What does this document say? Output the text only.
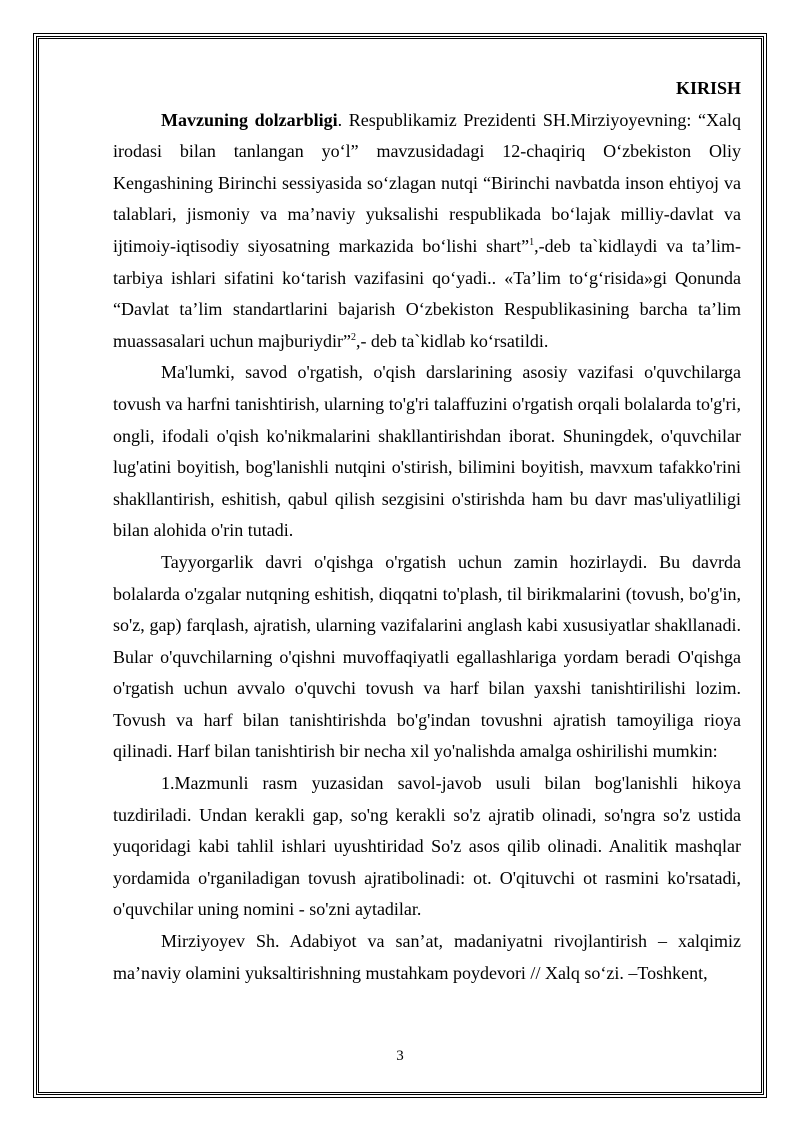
KIRISH

Mavzuning dolzarbligi. Respublikamiz Prezidenti SH.Mirziyoyevning: “Xalq irodasi bilan tanlangan yo‘l” mavzusidadagi 12-chaqiriq O‘zbekiston Oliy Kengashining Birinchi sessiyasida so‘zlagan nutqi “Birinchi navbatda inson ehtiyoj va talablari, jismoniy va ma’naviy yuksalishi respublikada bo‘lajak milliy-davlat va ijtimoiy-iqtisodiy siyosatning markazida bo‘lishi shart”$^1$,-deb ta`kidlaydi va ta’lim-tarbiya ishlari sifatini ko‘tarish vazifasini qo‘yadi.. «Ta’lim to‘g‘risida»gi Qonunda “Davlat ta’lim standartlarini bajarish O‘zbekiston Respublikasining barcha ta’lim muassasalari uchun majburiydir”$^2$,- deb ta`kidlab ko‘rsatildi.

Ma'lumki, savod o'rgatish, o'qish darslarining asosiy vazifasi o'quvchilarga tovush va harfni tanishtirish, ularning to'g'ri talaffuzini o'rgatish orqali bolalarda to'g'ri, ongli, ifodali o'qish ko'nikmalarini shakllantirishdan iborat. Shuningdek, o'quvchilar lug'atini boyitish, bog'lanishli nutqini o'stirish, bilimini boyitish, mavxum tafakko'rini shakllantirish, eshitish, qabul qilish sezgisini o'stirishda ham bu davr mas'uliyatliligi bilan alohida o'rin tutadi.

Tayyorgarlik davri o'qishga o'rgatish uchun zamin hozirlaydi. Bu davrda bolalarda o'zgalar nutqning eshitish, diqqatni to'plash, til birikmalarini (tovush, bo'g'in, so'z, gap) farqlash, ajratish, ularning vazifalarini anglash kabi xususiyatlar shakllanadi. Bular o'quvchilarning o'qishni muvoffaqiyatli egallashlariga yordam beradi O'qishga o'rgatish uchun avvalo o'quvchi tovush va harf bilan yaxshi tanishtirilishi lozim. Tovush va harf bilan tanishtirishda bo'g'indan tovushni ajratish tamoyiliga rioya qilinadi. Harf bilan tanishtirish bir necha xil yo'nalishda amalga oshirilishi mumkin:

1.Mazmunli rasm yuzasidan savol-javob usuli bilan bog'lanishli hikoya tuzdiriladi. Undan kerakli gap, so'ng kerakli so'z ajratib olinadi, so'ngra so'z ustida yuqoridagi kabi tahlil ishlari uyushtiridad So'z asos qilib olinadi. Analitik mashqlar yordamida o'rganiladigan tovush ajratibolinadi: ot. O'qituvchi ot rasmini ko'rsatadi, o'quvchilar uning nomini - so'zni aytadilar.

Mirziyoyev Sh. Adabiyot va san’at, madaniyatni rivojlantirish – xalqimiz ma’naviy olamini yuksaltirishning mustahkam poydevori // Xalq so‘zi. –Toshkent,

3
